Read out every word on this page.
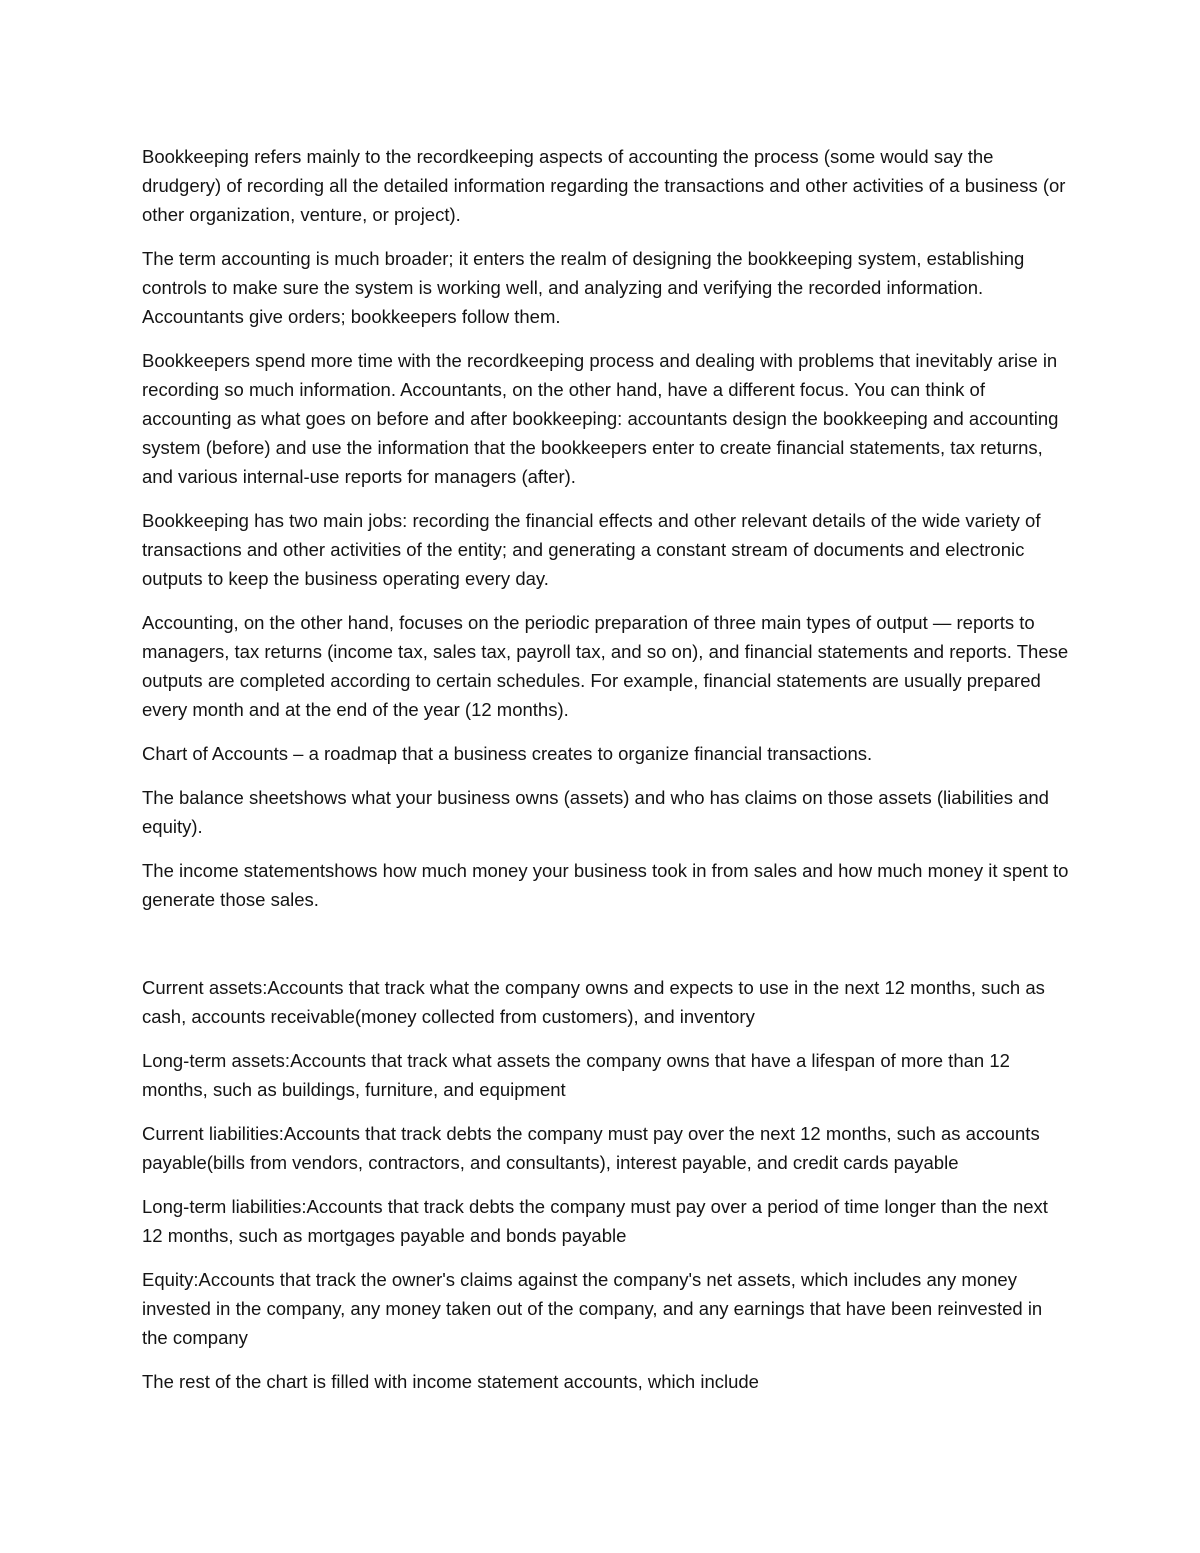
Bookkeeping refers mainly to the recordkeeping aspects of accounting the process (some would say the drudgery) of recording all the detailed information regarding the transactions and other activities of a business (or other organization, venture, or project).

The term accounting is much broader; it enters the realm of designing the bookkeeping system, establishing controls to make sure the system is working well, and analyzing and verifying the recorded information. Accountants give orders; bookkeepers follow them.

Bookkeepers spend more time with the recordkeeping process and dealing with problems that inevitably arise in recording so much information. Accountants, on the other hand, have a different focus. You can think of accounting as what goes on before and after bookkeeping: accountants design the bookkeeping and accounting system (before) and use the information that the bookkeepers enter to create financial statements, tax returns, and various internal-use reports for managers (after).

Bookkeeping has two main jobs: recording the financial effects and other relevant details of the wide variety of transactions and other activities of the entity; and generating a constant stream of documents and electronic outputs to keep the business operating every day.

Accounting, on the other hand, focuses on the periodic preparation of three main types of output — reports to managers, tax returns (income tax, sales tax, payroll tax, and so on), and financial statements and reports. These outputs are completed according to certain schedules. For example, financial statements are usually prepared every month and at the end of the year (12 months).

Chart of Accounts – a roadmap that a business creates to organize financial transactions.

The balance sheetshows what your business owns (assets) and who has claims on those assets (liabilities and equity).

The income statementshows how much money your business took in from sales and how much money it spent to generate those sales.

Current assets:Accounts that track what the company owns and expects to use in the next 12 months, such as cash, accounts receivable(money collected from customers), and inventory

Long-term assets:Accounts that track what assets the company owns that have a lifespan of more than 12 months, such as buildings, furniture, and equipment

Current liabilities:Accounts that track debts the company must pay over the next 12 months, such as accounts payable(bills from vendors, contractors, and consultants), interest payable, and credit cards payable

Long-term liabilities:Accounts that track debts the company must pay over a period of time longer than the next 12 months, such as mortgages payable and bonds payable

Equity:Accounts that track the owner's claims against the company's net assets, which includes any money invested in the company, any money taken out of the company, and any earnings that have been reinvested in the company

The rest of the chart is filled with income statement accounts, which include
